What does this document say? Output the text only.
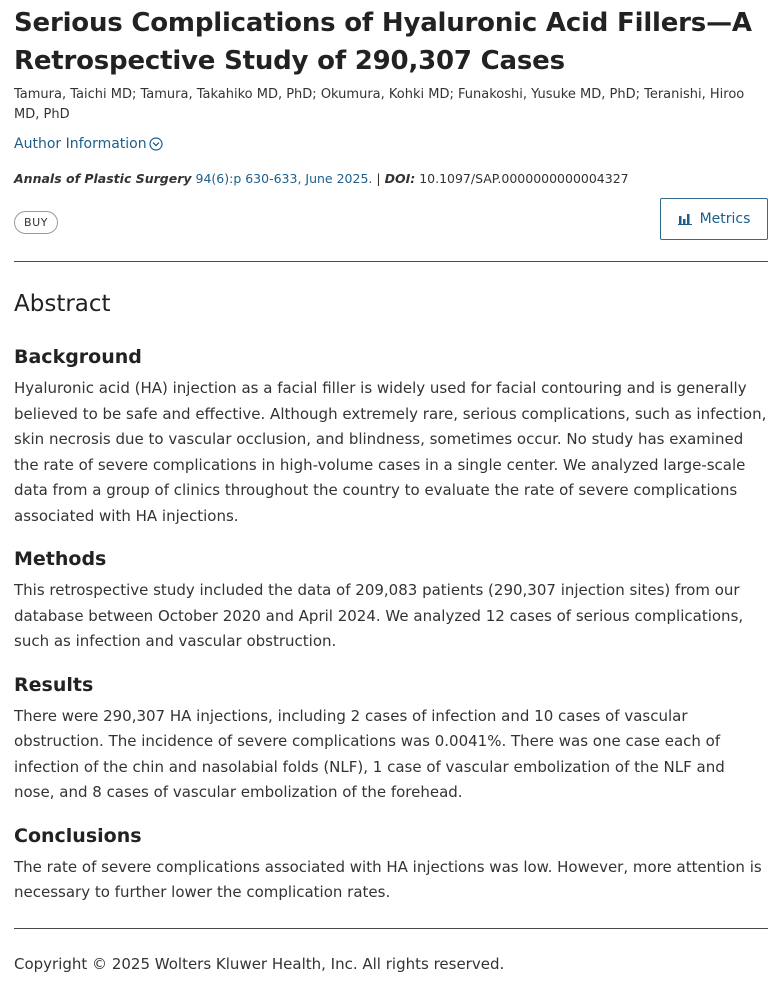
Serious Complications of Hyaluronic Acid Fillers—A Retrospective Study of 290,307 Cases
Tamura, Taichi MD; Tamura, Takahiko MD, PhD; Okumura, Kohki MD; Funakoshi, Yusuke MD, PhD; Teranishi, Hiroo MD, PhD
Author Information
Annals of Plastic Surgery 94(6):p 630-633, June 2025. | DOI: 10.1097/SAP.0000000000004327
BUY	Metrics
Abstract
Background

Hyaluronic acid (HA) injection as a facial filler is widely used for facial contouring and is generally believed to be safe and effective. Although extremely rare, serious complications, such as infection, skin necrosis due to vascular occlusion, and blindness, sometimes occur. No study has examined the rate of severe complications in high-volume cases in a single center. We analyzed large-scale data from a group of clinics throughout the country to evaluate the rate of severe complications associated with HA injections.

Methods

This retrospective study included the data of 209,083 patients (290,307 injection sites) from our database between October 2020 and April 2024. We analyzed 12 cases of serious complications, such as infection and vascular obstruction.

Results

There were 290,307 HA injections, including 2 cases of infection and 10 cases of vascular obstruction. The incidence of severe complications was 0.0041%. There was one case each of infection of the chin and nasolabial folds (NLF), 1 case of vascular embolization of the NLF and nose, and 8 cases of vascular embolization of the forehead.

Conclusions

The rate of severe complications associated with HA injections was low. However, more attention is necessary to further lower the complication rates.

Copyright © 2025 Wolters Kluwer Health, Inc. All rights reserved.
